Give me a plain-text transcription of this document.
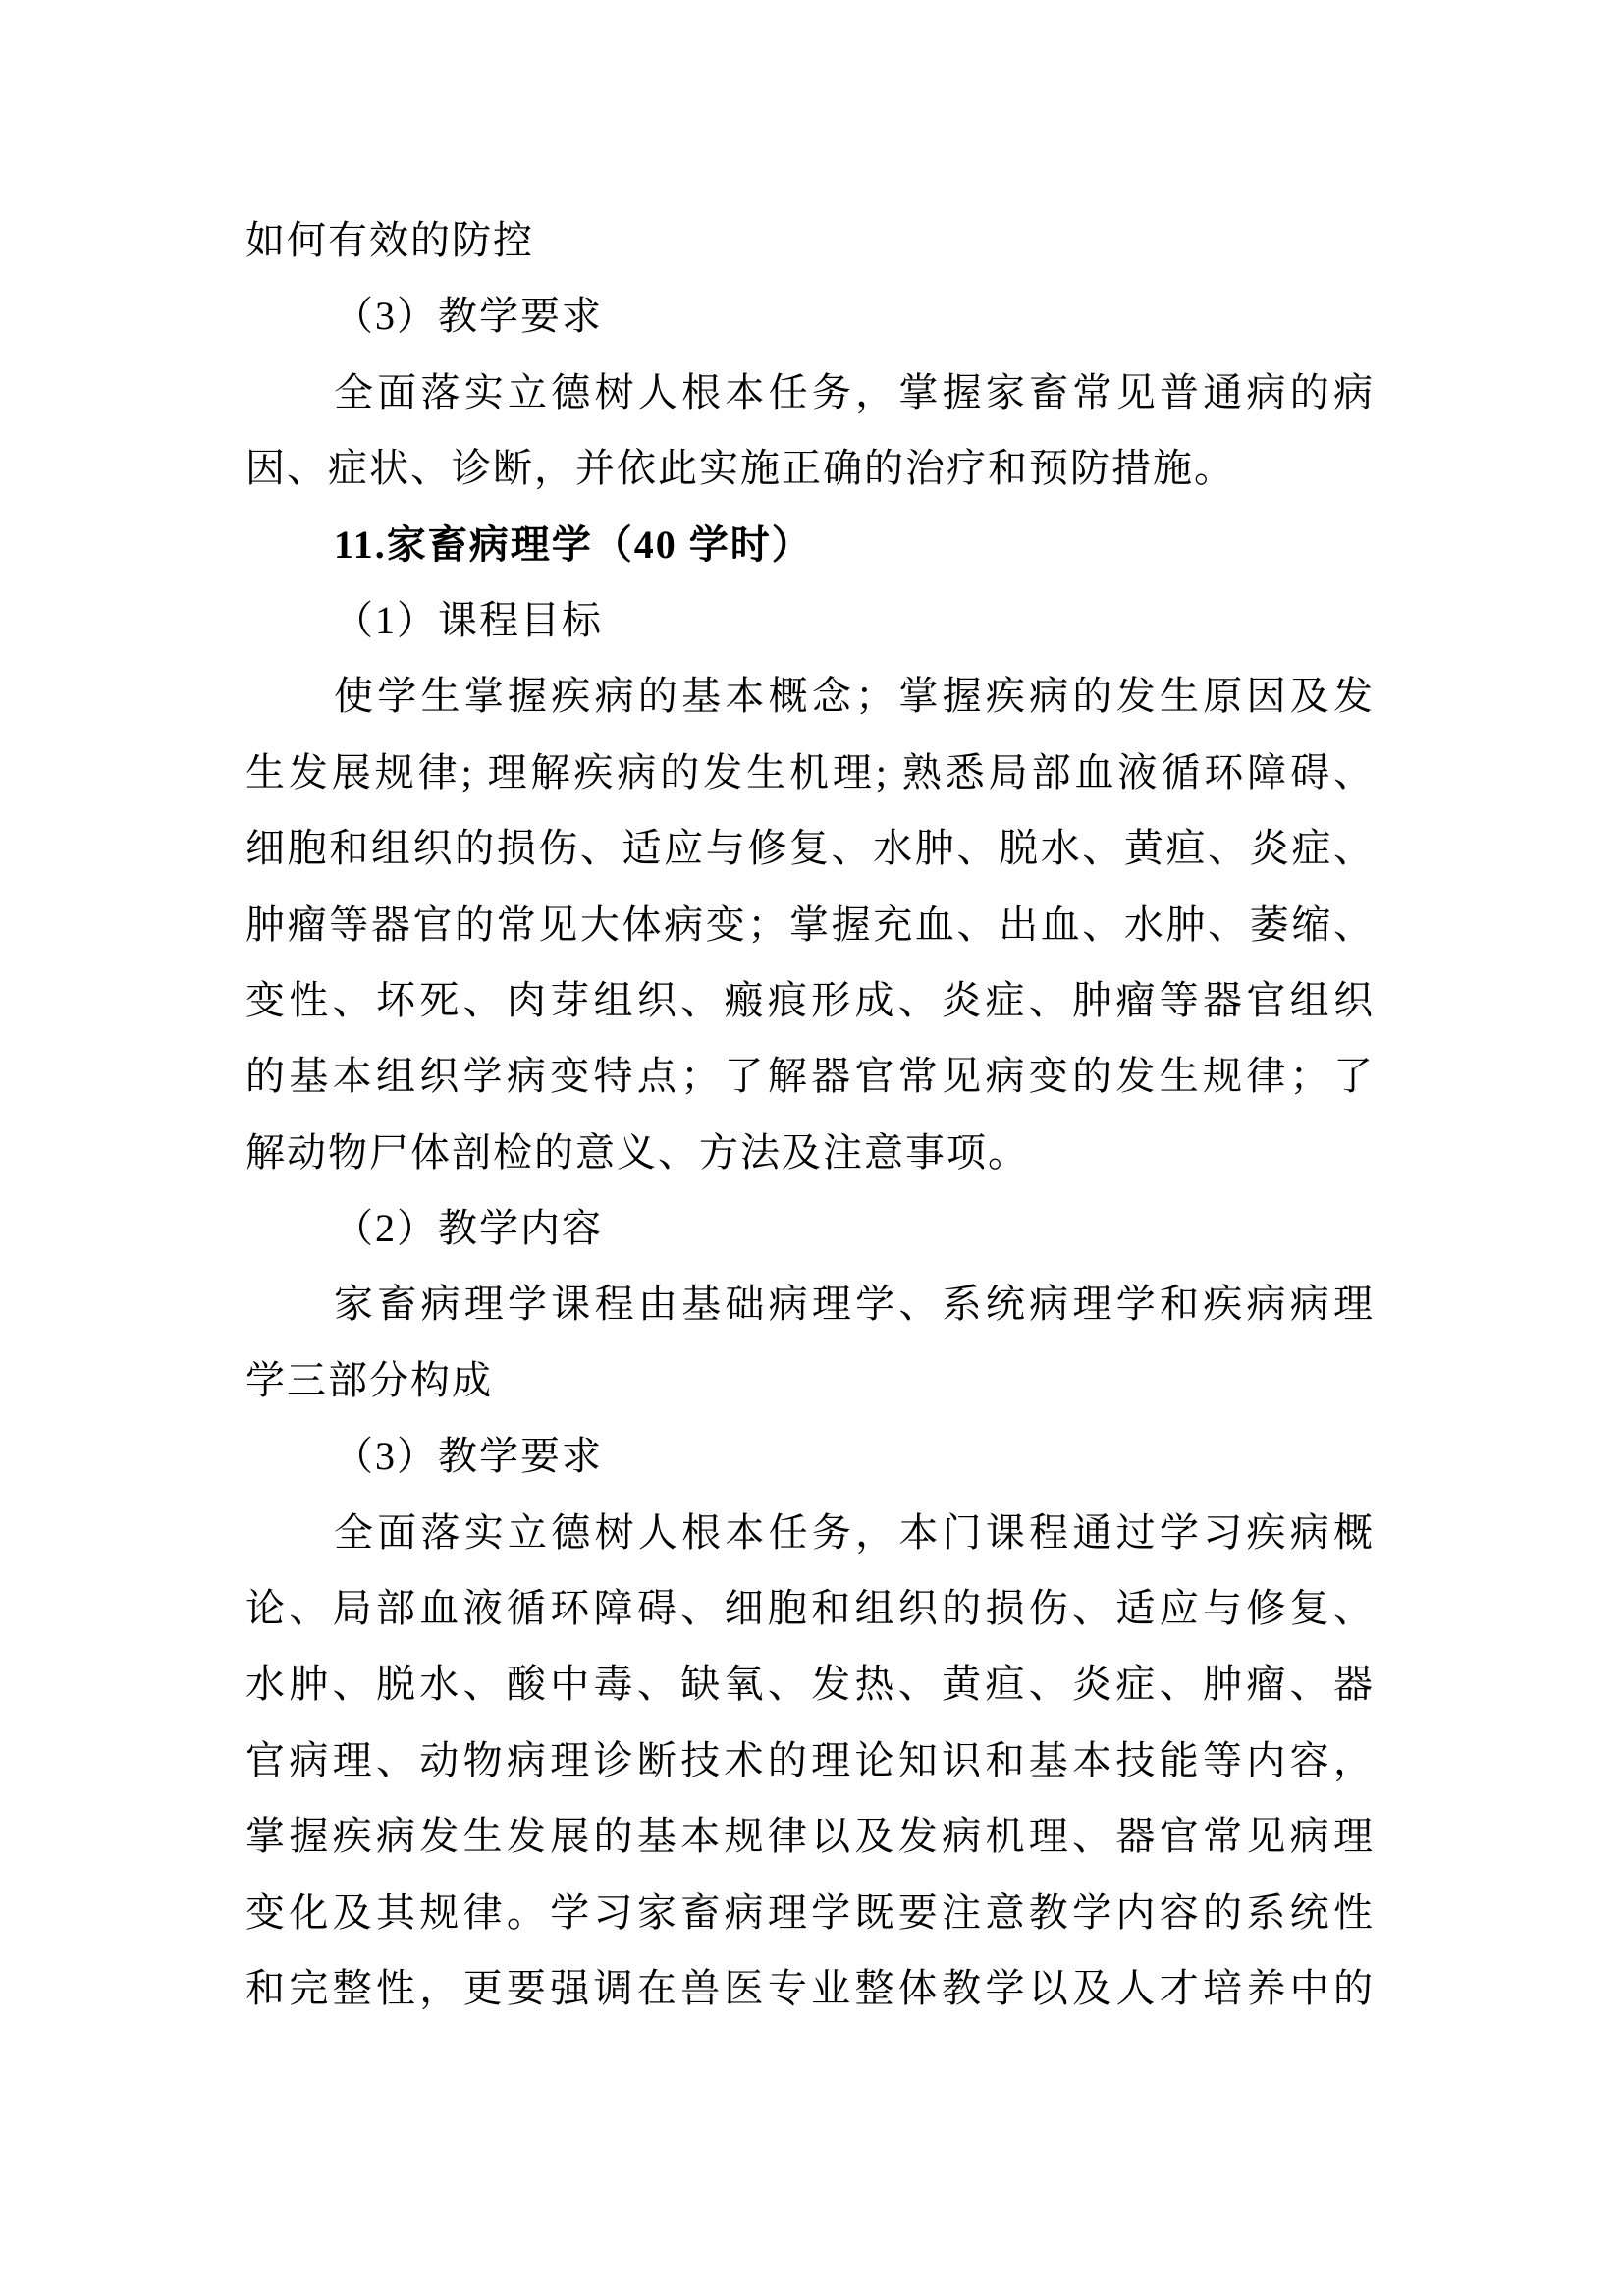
如何有效的防控
（3）教学要求
全面落实立德树人根本任务，掌握家畜常见普通病的病
因、症状、诊断，并依此实施正确的治疗和预防措施。
11.家畜病理学（40 学时）
（1）课程目标
使学生掌握疾病的基本概念；掌握疾病的发生原因及发
生发展规律; 理解疾病的发生机理; 熟悉局部血液循环障碍、
细胞和组织的损伤、适应与修复、水肿、脱水、黄疸、炎症、
肿瘤等器官的常见大体病变；掌握充血、出血、水肿、萎缩、
变性、坏死、肉芽组织、瘢痕形成、炎症、肿瘤等器官组织
的基本组织学病变特点；了解器官常见病变的发生规律；了
解动物尸体剖检的意义、方法及注意事项。
（2）教学内容
家畜病理学课程由基础病理学、系统病理学和疾病病理
学三部分构成
（3）教学要求
全面落实立德树人根本任务，本门课程通过学习疾病概
论、局部血液循环障碍、细胞和组织的损伤、适应与修复、
水肿、脱水、酸中毒、缺氧、发热、黄疸、炎症、肿瘤、器
官病理、动物病理诊断技术的理论知识和基本技能等内容，
掌握疾病发生发展的基本规律以及发病机理、器官常见病理
变化及其规律。学习家畜病理学既要注意教学内容的系统性
和完整性，更要强调在兽医专业整体教学以及人才培养中的
